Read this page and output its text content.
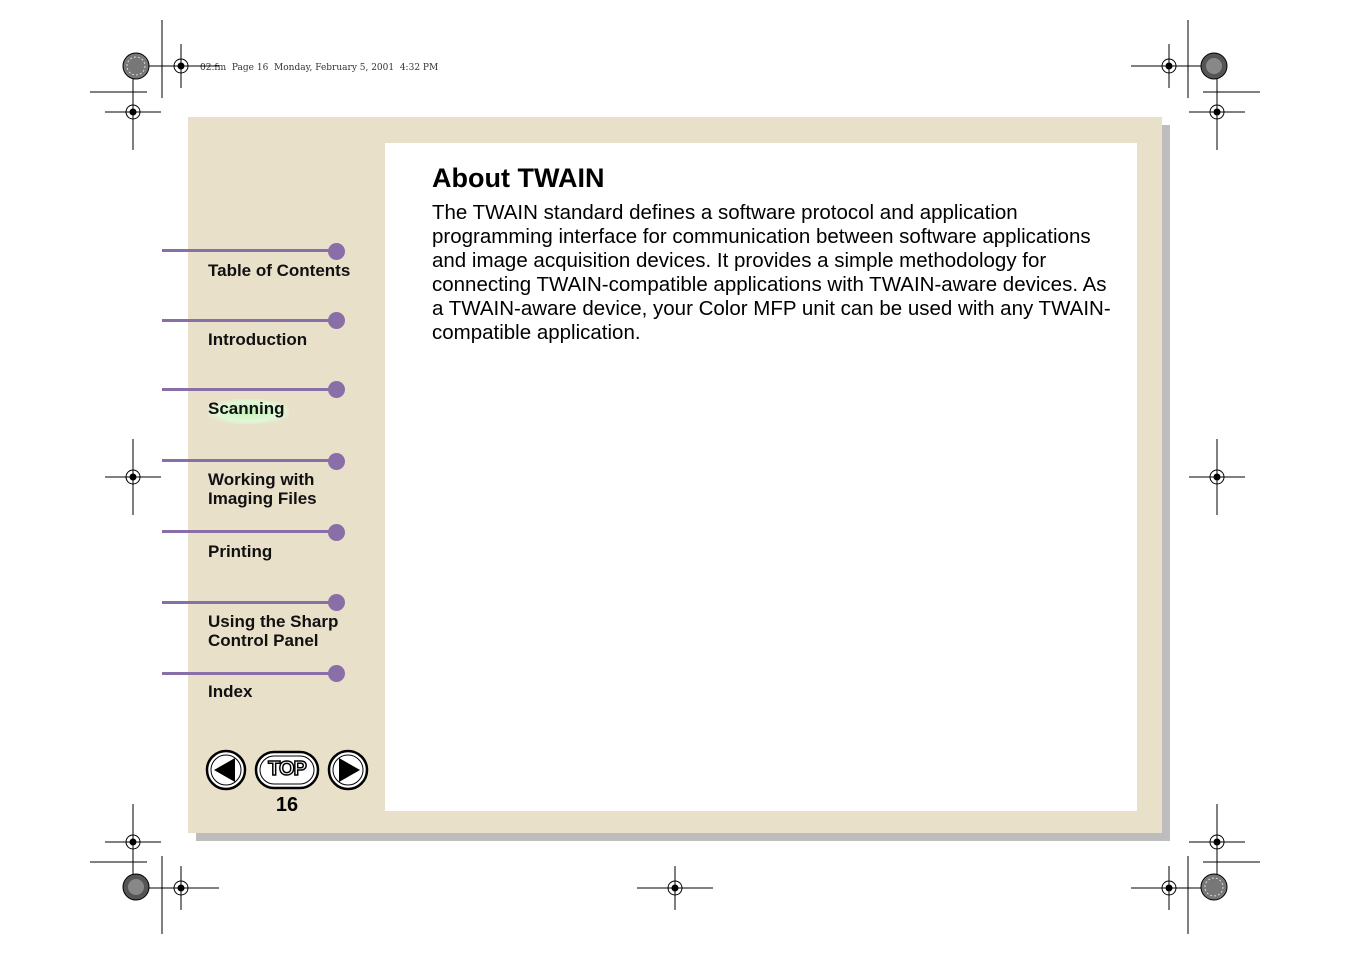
02.fm  Page 16  Monday, February 5, 2001  4:32 PM
About TWAIN

The TWAIN standard defines a software protocol and application programming interface for communication between software applications and image acquisition devices. It provides a simple methodology for connecting TWAIN-compatible applications with TWAIN-aware devices. As a TWAIN-aware device, your Color MFP unit can be used with any TWAIN-compatible application.

Table of Contents
Introduction
Scanning
Working with
Imaging Files
Printing
Using the Sharp
Control Panel
Index
TOP
16
